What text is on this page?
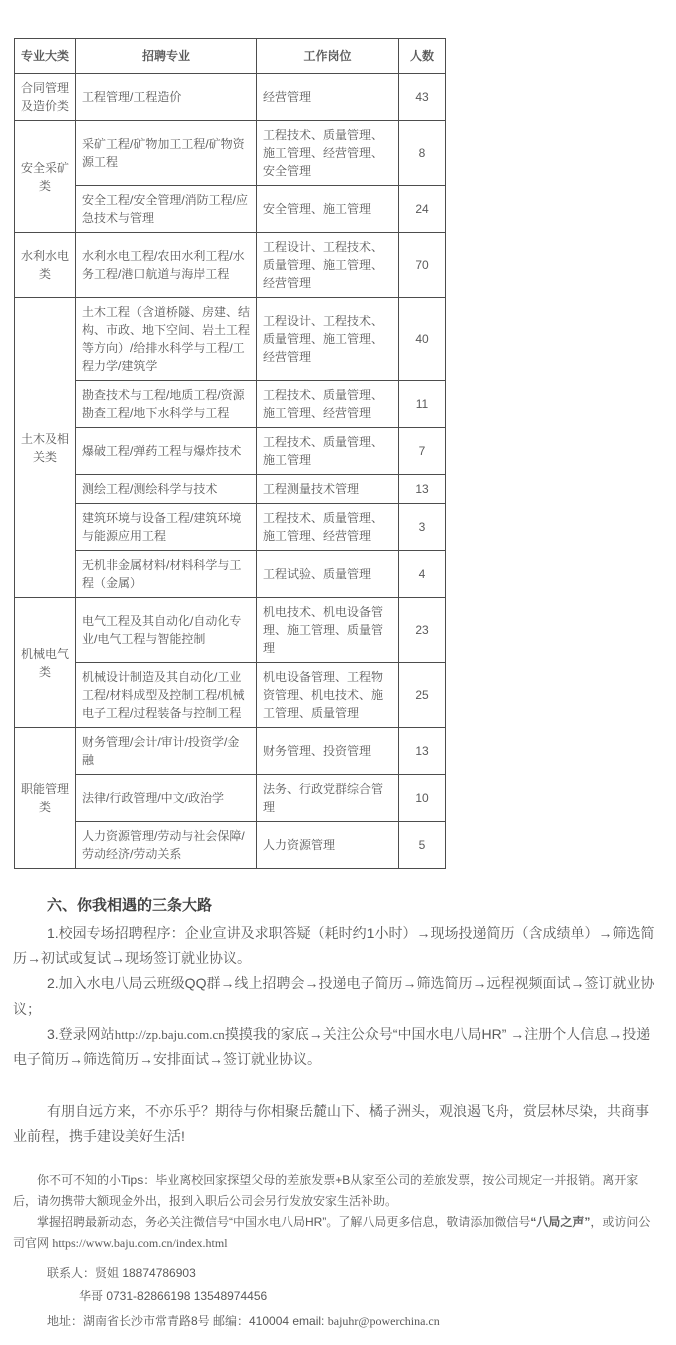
专业大类	招聘专业	工作岗位	人数
合同管理及造价类	工程管理/工程造价	经营管理	43
安全采矿类	采矿工程/矿物加工工程/矿物资源工程	工程技术、质量管理、施工管理、经营管理、安全管理	8
	安全工程/安全管理/消防工程/应急技术与管理	安全管理、施工管理	24
水利水电类	水利水电工程/农田水利工程/水务工程/港口航道与海岸工程	工程设计、工程技术、质量管理、施工管理、经营管理	70
土木及相关类	土木工程（含道桥隧、房建、结构、市政、地下空间、岩土工程等方向）/给排水科学与工程/工程力学/建筑学	工程设计、工程技术、质量管理、施工管理、经营管理	40
	勘查技术与工程/地质工程/资源勘查工程/地下水科学与工程	工程技术、质量管理、施工管理、经营管理	11
	爆破工程/弹药工程与爆炸技术	工程技术、质量管理、施工管理	7
	测绘工程/测绘科学与技术	工程测量技术管理	13
	建筑环境与设备工程/建筑环境与能源应用工程	工程技术、质量管理、施工管理、经营管理	3
	无机非金属材料/材料科学与工程（金属）	工程试验、质量管理	4
机械电气类	电气工程及其自动化/自动化专业/电气工程与智能控制	机电技术、机电设备管理、施工管理、质量管理	23
	机械设计制造及其自动化/工业工程/材料成型及控制工程/机械电子工程/过程装备与控制工程	机电设备管理、工程物资管理、机电技术、施工管理、质量管理	25
职能管理类	财务管理/会计/审计/投资学/金融	财务管理、投资管理	13
	法律/行政管理/中文/政治学	法务、行政党群综合管理	10
	人力资源管理/劳动与社会保障/劳动经济/劳动关系	人力资源管理	5
六、你我相遇的三条大路

1.校园专场招聘程序：企业宣讲及求职答疑（耗时约1小时）→现场投递简历（含成绩单）→筛选简历→初试或复试→现场签订就业协议。

2.加入水电八局云班级QQ群→线上招聘会→投递电子简历→筛选简历→远程视频面试→签订就业协议；

3.登录网站http://zp.baju.com.cn摸摸我的家底→关注公众号“中国水电八局HR” →注册个人信息→投递电子简历→筛选简历→安排面试→签订就业协议。

有朋自远方来，不亦乐乎？期待与你相聚岳麓山下、橘子洲头，观浪遏飞舟，赏层林尽染，共商事业前程，携手建设美好生活!

你不可不知的小Tips：毕业离校回家探望父母的差旅发票+B从家至公司的差旅发票，按公司规定一并报销。离开家后，请勿携带大额现金外出，报到入职后公司会另行发放安家生活补助。

掌握招聘最新动态，务必关注微信号“中国水电八局HR”。了解八局更多信息，敬请添加微信号“八局之声”，或访问公司官网 https://www.baju.com.cn/index.html

联系人：贤姐 18874786903
华哥 0731-82866198 13548974456
地址：湖南省长沙市常青路8号 邮编：410004 email: bajuhr@powerchina.cn
